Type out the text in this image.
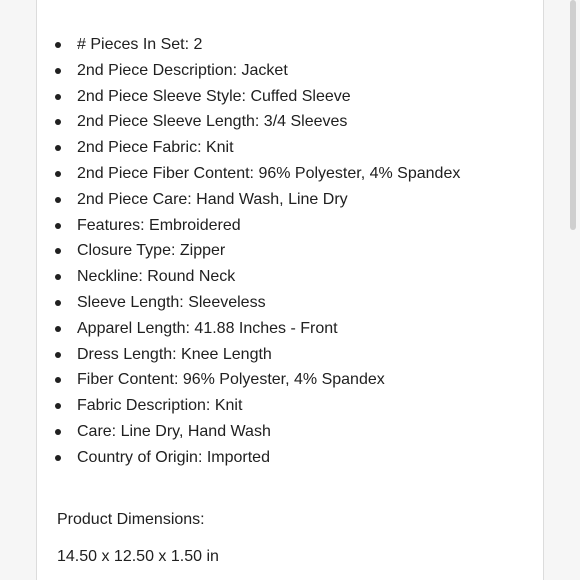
# Pieces In Set: 2
2nd Piece Description: Jacket
2nd Piece Sleeve Style: Cuffed Sleeve
2nd Piece Sleeve Length: 3/4 Sleeves
2nd Piece Fabric: Knit
2nd Piece Fiber Content: 96% Polyester, 4% Spandex
2nd Piece Care: Hand Wash, Line Dry
Features: Embroidered
Closure Type: Zipper
Neckline: Round Neck
Sleeve Length: Sleeveless
Apparel Length: 41.88 Inches - Front
Dress Length: Knee Length
Fiber Content: 96% Polyester, 4% Spandex
Fabric Description: Knit
Care: Line Dry, Hand Wash
Country of Origin: Imported
Product Dimensions:
14.50 x 12.50 x 1.50 in
